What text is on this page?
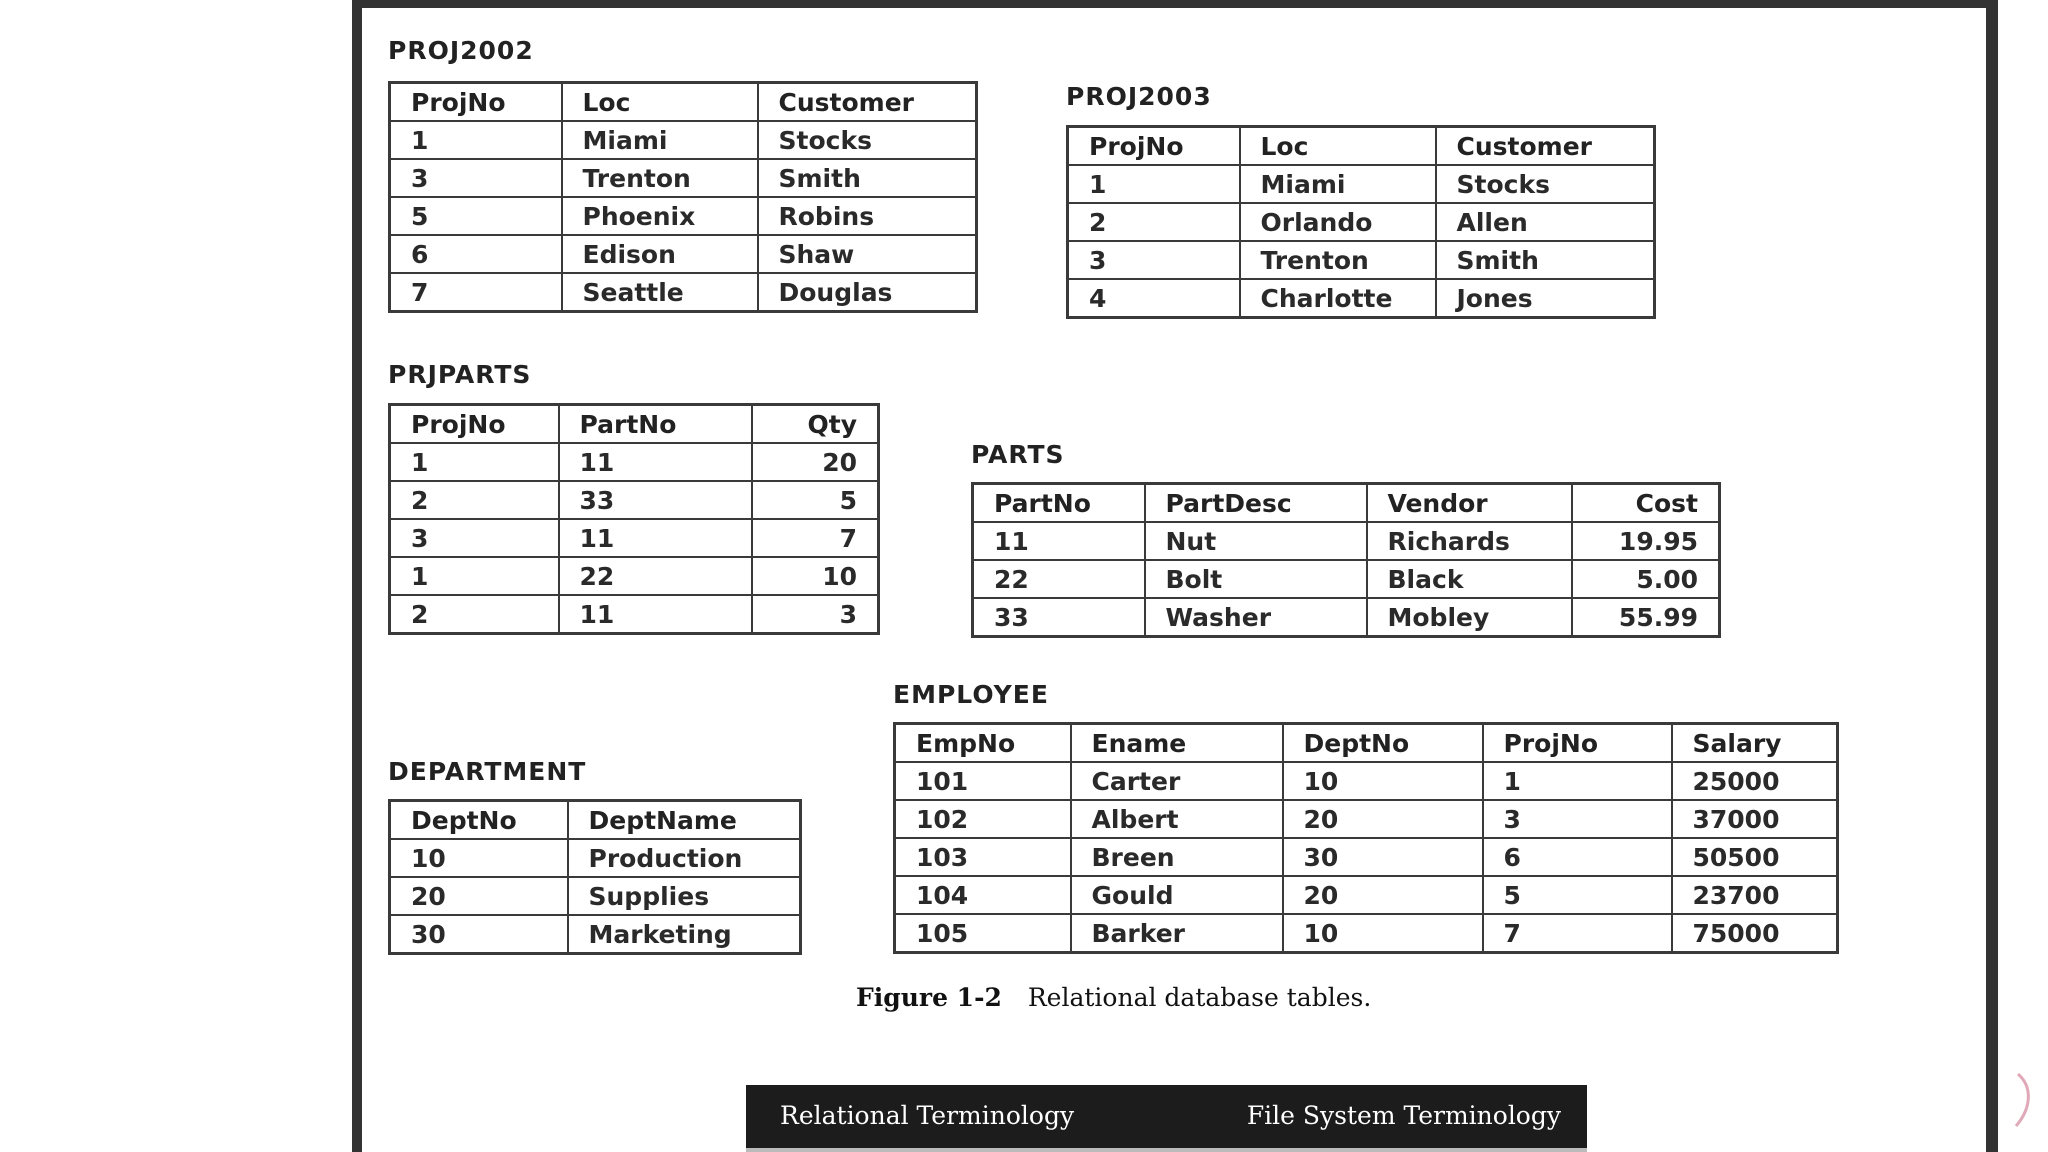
PROJ2002
ProjNo	Loc	Customer
1	Miami	Stocks
3	Trenton	Smith
5	Phoenix	Robins
6	Edison	Shaw
7	Seattle	Douglas
PROJ2003
ProjNo	Loc	Customer
1	Miami	Stocks
2	Orlando	Allen
3	Trenton	Smith
4	Charlotte	Jones
PRJPARTS
ProjNo	PartNo	Qty
1	11	20
2	33	5
3	11	7
1	22	10
2	11	3
PARTS
PartNo	PartDesc	Vendor	Cost
11	Nut	Richards	19.95
22	Bolt	Black	5.00
33	Washer	Mobley	55.99
DEPARTMENT
DeptNo	DeptName
10	Production
20	Supplies
30	Marketing
EMPLOYEE
EmpNo	Ename	DeptNo	ProjNo	Salary
101	Carter	10	1	25000
102	Albert	20	3	37000
103	Breen	30	6	50500
104	Gould	20	5	23700
105	Barker	10	7	75000
Figure 1-2 Relational database tables.
Relational Terminology	File System Terminology
